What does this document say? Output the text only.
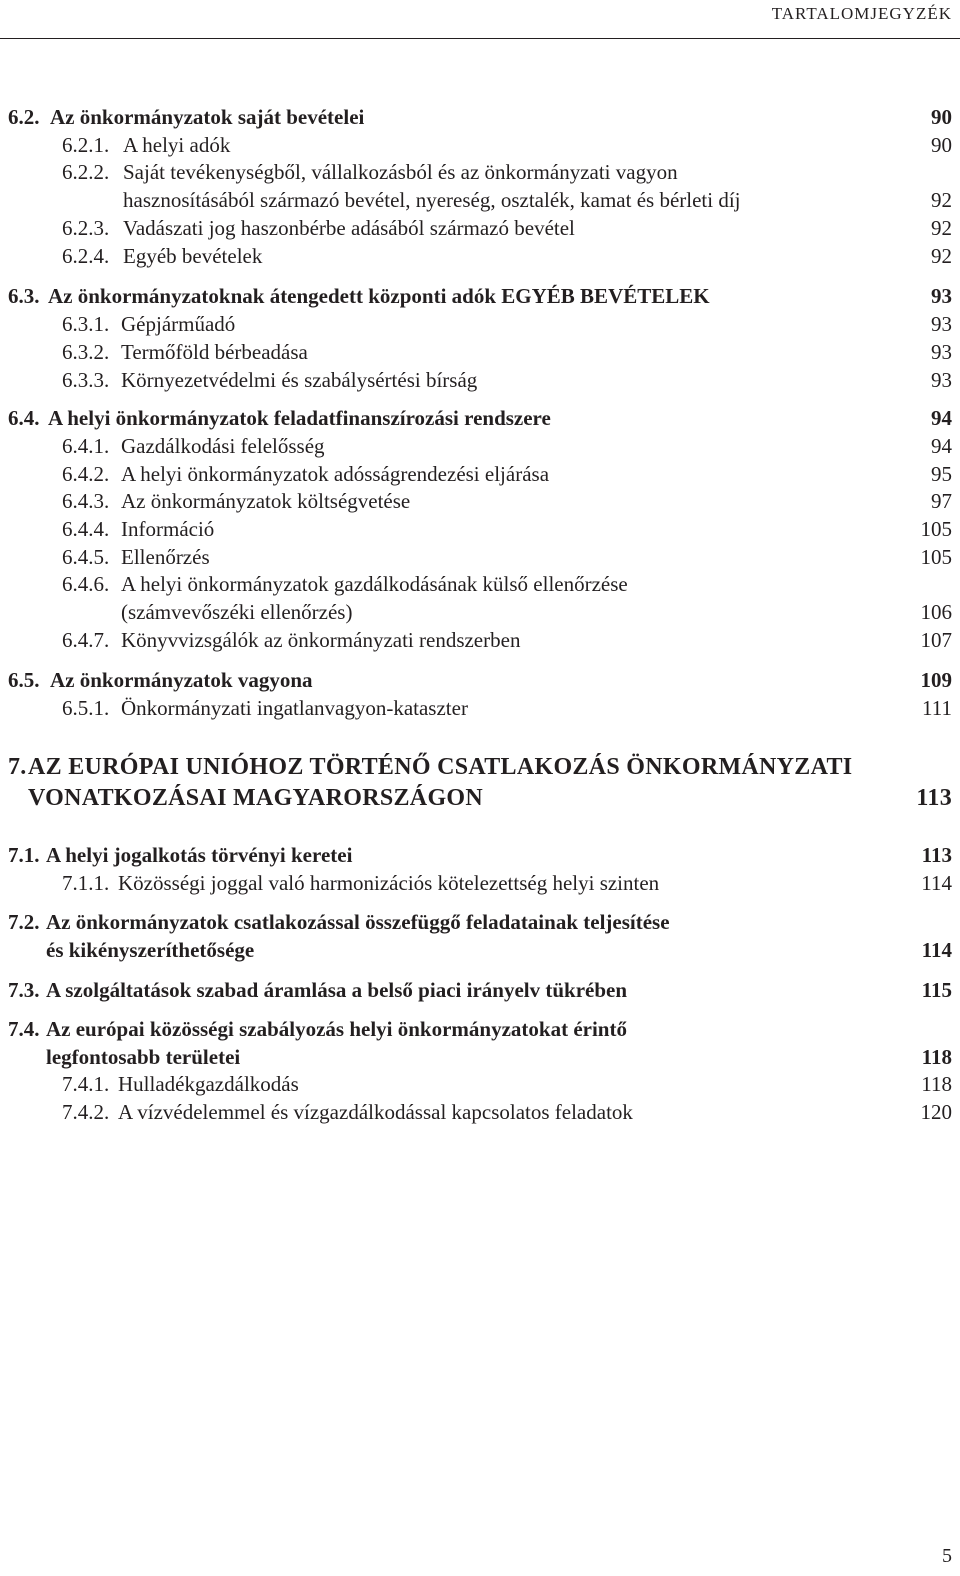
TARTALOMJEGYZÉK
6.2. Az önkormányzatok saját bevételei	90
6.2.1. A helyi adók	90
6.2.2. Saját tevékenységből, vállalkozásból és az önkormányzati vagyon
hasznosításából származó bevétel, nyereség, osztalék, kamat és bérleti díj	92
6.2.3. Vadászati jog haszonbérbe adásából származó bevétel	92
6.2.4. Egyéb bevételek	92
6.3. Az önkormányzatoknak átengedett központi adók EGYÉB BEVÉTELEK	93
6.3.1. Gépjárműadó	93
6.3.2. Termőföld bérbeadása	93
6.3.3. Környezetvédelmi és szabálysértési bírság	93
6.4. A helyi önkormányzatok feladatfinanszírozási rendszere	94
6.4.1. Gazdálkodási felelősség	94
6.4.2. A helyi önkormányzatok adósságrendezési eljárása	95
6.4.3. Az önkormányzatok költségvetése	97
6.4.4. Információ	105
6.4.5. Ellenőrzés	105
6.4.6. A helyi önkormányzatok gazdálkodásának külső ellenőrzése
(számvevőszéki ellenőrzés)	106
6.4.7. Könyvvizsgálók az önkormányzati rendszerben	107
6.5. Az önkormányzatok vagyona	109
6.5.1. Önkormányzati ingatlanvagyon-kataszter	111
7. AZ EURÓPAI UNIÓHOZ TÖRTÉNŐ CSATLAKOZÁS ÖNKORMÁNYZATI
VONATKOZÁSAI MAGYARORSZÁGON	113
7.1. A helyi jogalkotás törvényi keretei	113
7.1.1. Közösségi joggal való harmonizációs kötelezettség helyi szinten	114
7.2. Az önkormányzatok csatlakozással összefüggő feladatainak teljesítése
és kikényszeríthetősége	114
7.3. A szolgáltatások szabad áramlása a belső piaci irányelv tükrében	115
7.4. Az európai közösségi szabályozás helyi önkormányzatokat érintő
legfontosabb területei	118
7.4.1. Hulladékgazdálkodás	118
7.4.2. A vízvédelemmel és vízgazdálkodással kapcsolatos feladatok	120
5
